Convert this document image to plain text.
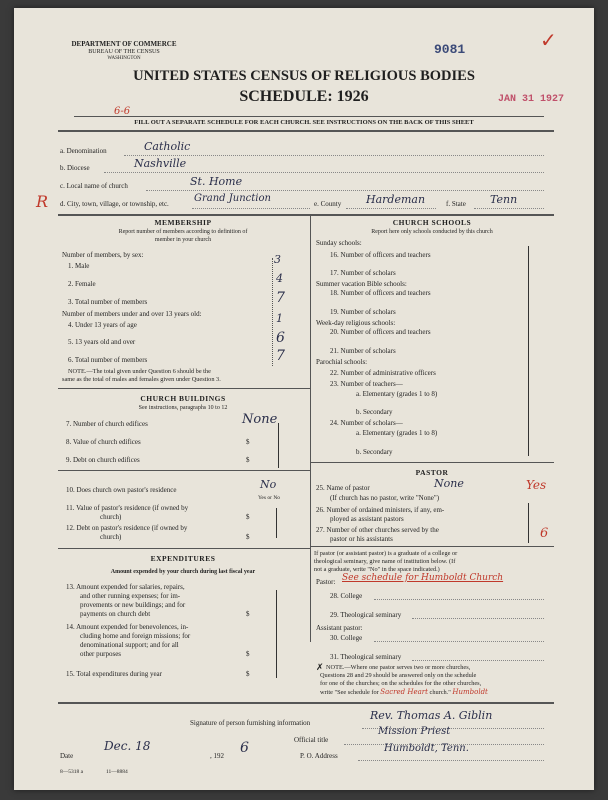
DEPARTMENT OF COMMERCE
BUREAU OF THE CENSUS
WASHINGTON
9081	✓
UNITED STATES CENSUS OF RELIGIOUS BODIES
SCHEDULE: 1926	JAN 31 1927
6-6
FILL OUT A SEPARATE SCHEDULE FOR EACH CHURCH. SEE INSTRUCTIONS ON THE BACK OF THIS SHEET
a. Denomination	Catholic
b. Diocese	Nashville
c. Local name of church	St. Home
R d. City, town, village, or township, etc.	Grand Junction	e. County Hardeman	f. State Tenn
MEMBERSHIP
Report number of members according to definition of
member in your church
Number of members, by sex:
1. Male	3
2. Female	4
3. Total number of members	7
Number of members under and over 13 years old:
4. Under 13 years of age	1
5. 13 years old and over	6
6. Total number of members	7
NOTE.—The total given under Question 6 should be the
same as the total of males and females given under Question 3.
CHURCH BUILDINGS
See instructions, paragraphs 10 to 12
7. Number of church edifices	None
8. Value of church edifices	$
9. Debt on church edifices	$
10. Does church own pastor's residence	No
Yes or No
11. Value of pastor's residence (if owned by
church)	$
12. Debt on pastor's residence (if owned by
church)	$
EXPENDITURES
Amount expended by your church during last fiscal year
13. Amount expended for salaries, repairs,
and other running expenses; for im-
provements or new buildings; and for
payments on church debt	$
14. Amount expended for benevolences, in-
cluding home and foreign missions; for
denominational support; and for all
other purposes	$
15. Total expenditures during year	$
CHURCH SCHOOLS
Report here only schools conducted by this church
Sunday schools:
16. Number of officers and teachers
17. Number of scholars
Summer vacation Bible schools:
18. Number of officers and teachers
19. Number of scholars
Week-day religious schools:
20. Number of officers and teachers
21. Number of scholars
Parochial schools:
22. Number of administrative officers
23. Number of teachers—
a. Elementary (grades 1 to 8)
b. Secondary
24. Number of scholars—
a. Elementary (grades 1 to 8)
b. Secondary
PASTOR
25. Name of pastor	None	Yes
(If church has no pastor, write "None")
26. Number of ordained ministers, if any, em-
ployed as assistant pastors
27. Number of other churches served by the
pastor or his assistants	6
If pastor (or assistant pastor) is a graduate of a college or
theological seminary, give name of institution below. (If
not a graduate, write "No" in the space indicated.)
Pastor: See schedule for Humboldt Church
28. College
29. Theological seminary
Assistant pastor:
30. College
31. Theological seminary
✗ NOTE.—Where one pastor serves two or more churches,
Questions 28 and 29 should be answered only on the schedule
for one of the churches; on the schedules for the other churches,
write "See schedule for Sacred Heart church." Humboldt
Signature of person furnishing information
Rev. Thomas A. Giblin
Official title
Mission Priest
Date
Dec. 18
, 192 6	P. O. Address
Humboldt, Tenn.
8—5318 a	11—8884
